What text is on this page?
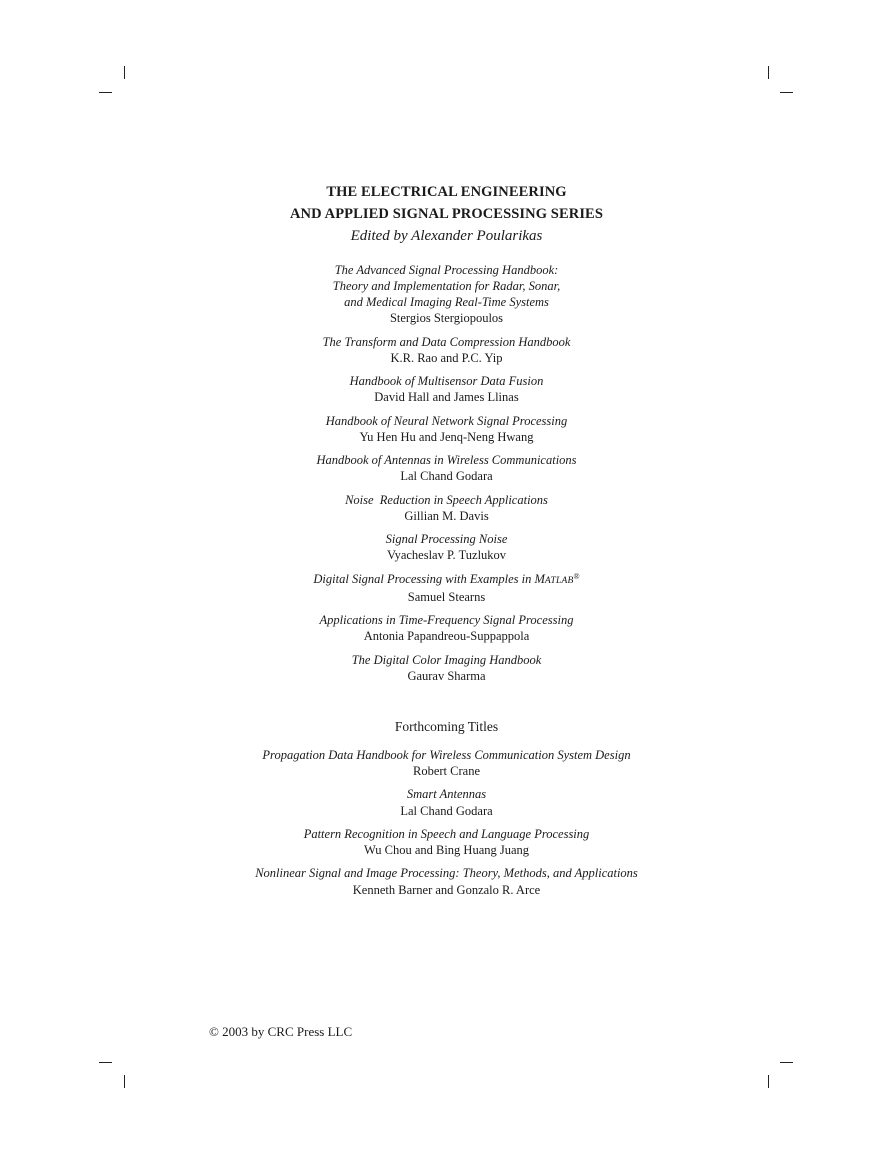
THE ELECTRICAL ENGINEERING
AND APPLIED SIGNAL PROCESSING SERIES
Edited by Alexander Poularikas
The Advanced Signal Processing Handbook:
Theory and Implementation for Radar, Sonar,
and Medical Imaging Real-Time Systems
Stergios Stergiopoulos
The Transform and Data Compression Handbook
K.R. Rao and P.C. Yip
Handbook of Multisensor Data Fusion
David Hall and James Llinas
Handbook of Neural Network Signal Processing
Yu Hen Hu and Jenq-Neng Hwang
Handbook of Antennas in Wireless Communications
Lal Chand Godara
Noise  Reduction in Speech Applications
Gillian M. Davis
Signal Processing Noise
Vyacheslav P. Tuzlukov
Digital Signal Processing with Examples in MATLAB®
Samuel Stearns
Applications in Time-Frequency Signal Processing
Antonia Papandreou-Suppappola
The Digital Color Imaging Handbook
Gaurav Sharma
Forthcoming Titles
Propagation Data Handbook for Wireless Communication System Design
Robert Crane
Smart Antennas
Lal Chand Godara
Pattern Recognition in Speech and Language Processing
Wu Chou and Bing Huang Juang
Nonlinear Signal and Image Processing: Theory, Methods, and Applications
Kenneth Barner and Gonzalo R. Arce
© 2003 by CRC Press LLC
